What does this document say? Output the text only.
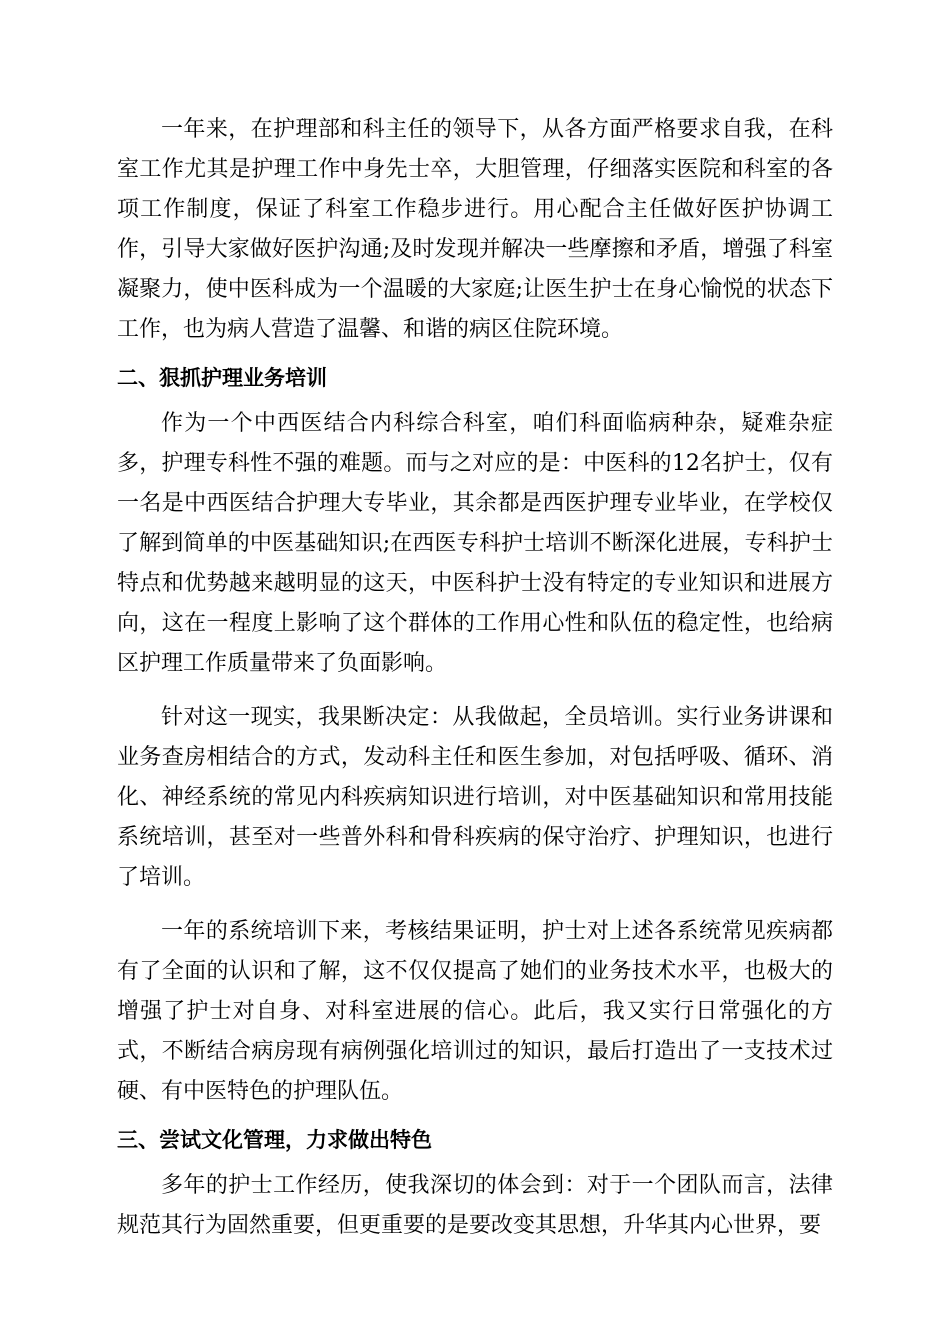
一年来，在护理部和科主任的领导下，从各方面严格要求自我，在科室工作尤其是护理工作中身先士卒，大胆管理，仔细落实医院和科室的各项工作制度，保证了科室工作稳步进行。用心配合主任做好医护协调工作，引导大家做好医护沟通;及时发现并解决一些摩擦和矛盾，增强了科室凝聚力，使中医科成为一个温暖的大家庭;让医生护士在身心愉悦的状态下工作，也为病人营造了温馨、和谐的病区住院环境。

二、狠抓护理业务培训

作为一个中西医结合内科综合科室，咱们科面临病种杂，疑难杂症多，护理专科性不强的难题。而与之对应的是：中医科的12名护士，仅有一名是中西医结合护理大专毕业，其余都是西医护理专业毕业，在学校仅了解到简单的中医基础知识;在西医专科护士培训不断深化进展，专科护士特点和优势越来越明显的这天，中医科护士没有特定的专业知识和进展方向，这在一程度上影响了这个群体的工作用心性和队伍的稳定性，也给病区护理工作质量带来了负面影响。

针对这一现实，我果断决定：从我做起，全员培训。实行业务讲课和业务查房相结合的方式，发动科主任和医生参加，对包括呼吸、循环、消化、神经系统的常见内科疾病知识进行培训，对中医基础知识和常用技能系统培训，甚至对一些普外科和骨科疾病的保守治疗、护理知识，也进行了培训。

一年的系统培训下来，考核结果证明，护士对上述各系统常见疾病都有了全面的认识和了解，这不仅仅提高了她们的业务技术水平，也极大的增强了护士对自身、对科室进展的信心。此后，我又实行日常强化的方式，不断结合病房现有病例强化培训过的知识，最后打造出了一支技术过硬、有中医特色的护理队伍。

三、尝试文化管理，力求做出特色

多年的护士工作经历，使我深切的体会到：对于一个团队而言，法律规范其行为固然重要，但更重要的是要改变其思想，升华其内心世界，要
